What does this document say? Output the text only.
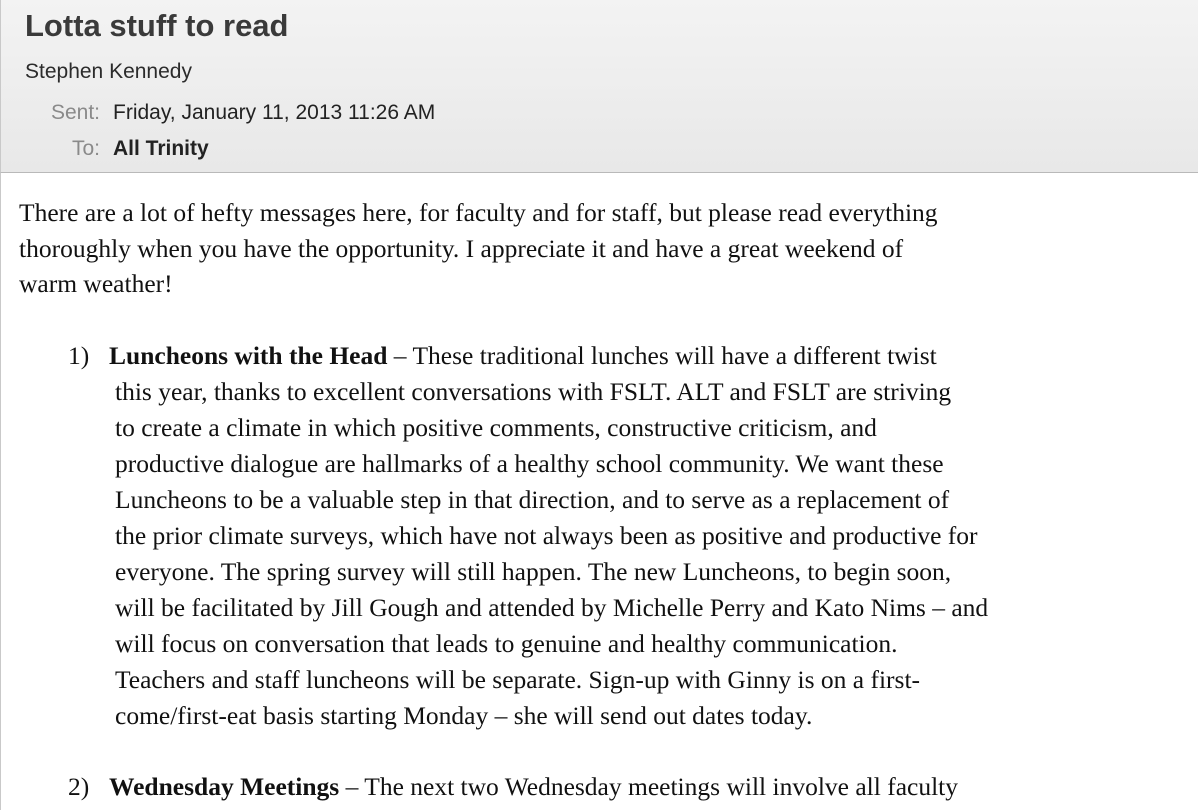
Lotta stuff to read
Stephen Kennedy
Sent: Friday, January 11, 2013 11:26 AM
To: All Trinity
There are a lot of hefty messages here, for faculty and for staff, but please read everything
thoroughly when you have the opportunity. I appreciate it and have a great weekend of
warm weather!
1) Luncheons with the Head – These traditional lunches will have a different twist
this year, thanks to excellent conversations with FSLT. ALT and FSLT are striving
to create a climate in which positive comments, constructive criticism, and
productive dialogue are hallmarks of a healthy school community. We want these
Luncheons to be a valuable step in that direction, and to serve as a replacement of
the prior climate surveys, which have not always been as positive and productive for
everyone. The spring survey will still happen. The new Luncheons, to begin soon,
will be facilitated by Jill Gough and attended by Michelle Perry and Kato Nims – and
will focus on conversation that leads to genuine and healthy communication.
Teachers and staff luncheons will be separate. Sign-up with Ginny is on a first-
come/first-eat basis starting Monday – she will send out dates today.
2) Wednesday Meetings – The next two Wednesday meetings will involve all faculty
